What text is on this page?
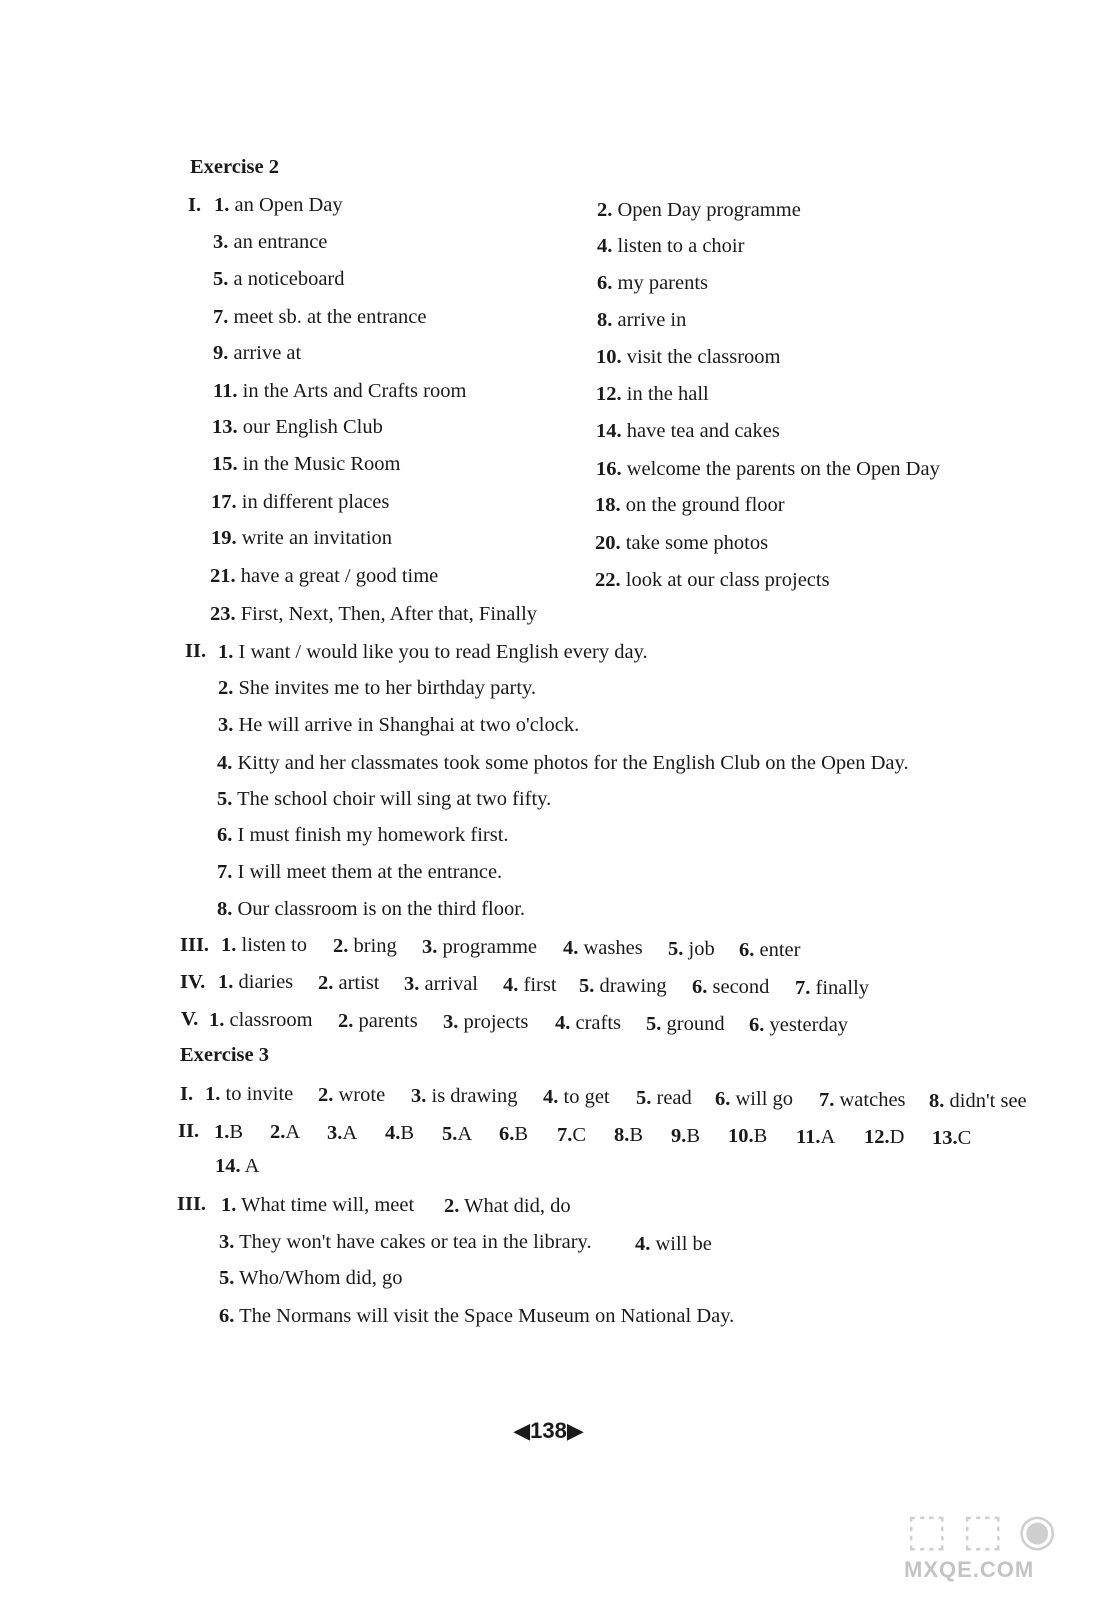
Exercise 2
I. 1. an Open Day	2. Open Day programme
3. an entrance	4. listen to a choir
5. a noticeboard	6. my parents
7. meet sb. at the entrance	8. arrive in
9. arrive at	10. visit the classroom
11. in the Arts and Crafts room	12. in the hall
13. our English Club	14. have tea and cakes
15. in the Music Room	16. welcome the parents on the Open Day
17. in different places	18. on the ground floor
19. write an invitation	20. take some photos
21. have a great / good time	22. look at our class projects
23. First, Next, Then, After that, Finally
II. 1. I want / would like you to read English every day.
2. She invites me to her birthday party.
3. He will arrive in Shanghai at two o'clock.
4. Kitty and her classmates took some photos for the English Club on the Open Day.
5. The school choir will sing at two fifty.
6. I must finish my homework first.
7. I will meet them at the entrance.
8. Our classroom is on the third floor.
III. 1. listen to 2. bring 3. programme 4. washes 5. job 6. enter
IV. 1. diaries 2. artist 3. arrival 4. first 5. drawing 6. second 7. finally
V. 1. classroom 2. parents 3. projects 4. crafts 5. ground 6. yesterday
Exercise 3
I. 1. to invite 2. wrote 3. is drawing 4. to get 5. read 6. will go 7. watches 8. didn't see
II. 1.B 2.A 3.A 4.B 5.A 6.B 7.C 8.B 9.B 10.B 11.A 12.D 13.C
14. A
III. 1. What time will, meet 2. What did, do
3. They won't have cakes or tea in the library. 4. will be
5. Who/Whom did, go
6. The Normans will visit the Space Museum on National Day.
◀138▶
⬚ ⬚ ◉
MXQE.COM
